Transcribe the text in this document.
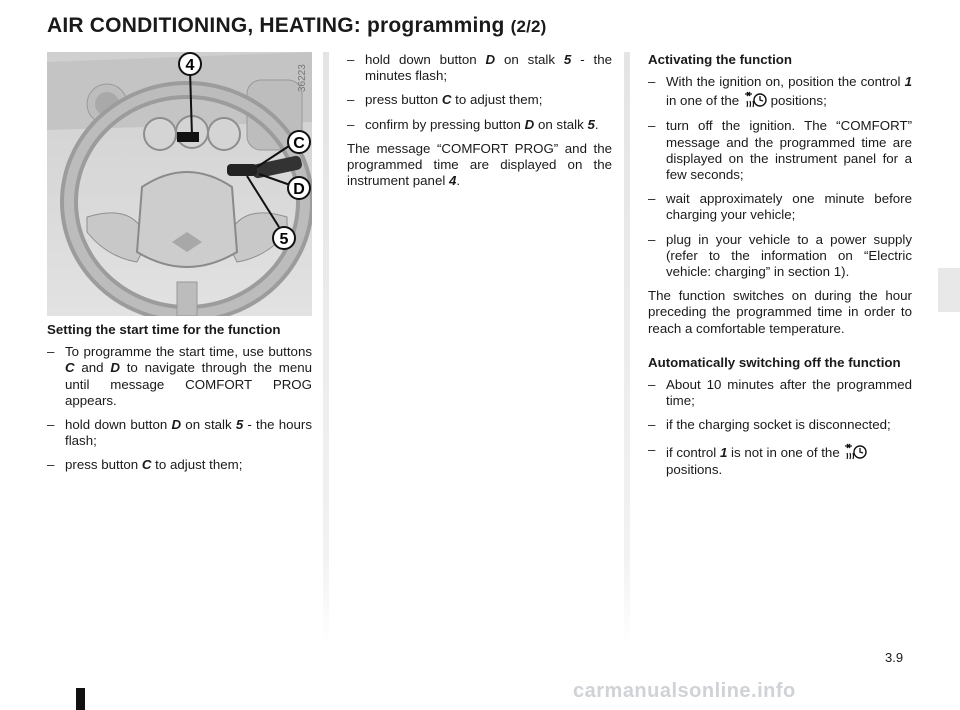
AIR CONDITIONING, HEATING: programming (2/2)
4
C
D
5
36223

Setting the start time for the function

– To programme the start time, use buttons C and D to navigate through the menu until message COMFORT PROG appears.
– hold down button D on stalk 5 - the hours flash;
– press button C to adjust them;
– hold down button D on stalk 5 - the minutes flash;
– press button C to adjust them;
– confirm by pressing button D on stalk 5.

The message “COMFORT PROG” and the programmed time are displayed on the instrument panel 4.

Activating the function

– With the ignition on, position the control 1 in one of the  positions;
– turn off the ignition. The “COMFORT” message and the programmed time are displayed on the instrument panel for a few seconds;
– wait approximately one minute before charging your vehicle;
– plug in your vehicle to a power supply (refer to the information on “Electric vehicle: charging” in section 1).

The function switches on during the hour preceding the programmed time in order to reach a comfortable temperature.

Automatically switching off the function

– About 10 minutes after the programmed time;
– if the charging socket is disconnected;
– if control 1 is not in one of the
positions.
3.9
carmanualsonline.info
